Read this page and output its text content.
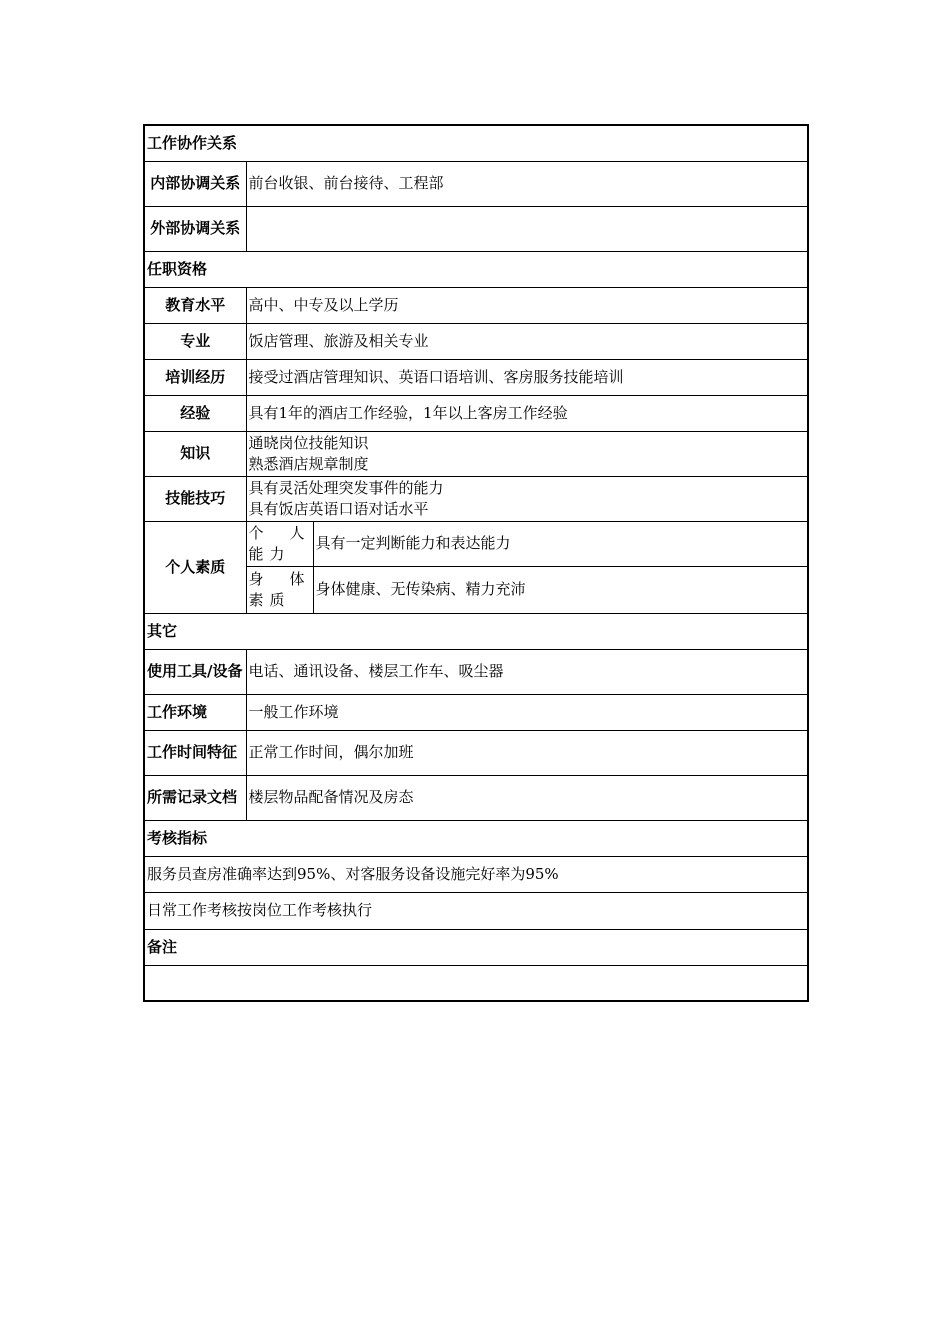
工作协作关系		
内部协调关系	前台收银、前台接待、工程部	
外部协调关系		
任职资格		
教育水平	高中、中专及以上学历	
专业	饭店管理、旅游及相关专业	
培训经历	接受过酒店管理知识、英语口语培训、客房服务技能培训	
经验	具有1年的酒店工作经验，1年以上客房工作经验	
知识	通晓岗位技能知识
熟悉酒店规章制度	

技能技巧	具有灵活处理突发事件的能力
具有饭店英语口语对话水平	

个人素质	个人能力	具有一定判断能力和表达能力
	身体素质	身体健康、无传染病、精力充沛
其它		
使用工具/设备	电话、通讯设备、楼层工作车、吸尘器	
工作环境	一般工作环境	
工作时间特征	正常工作时间，偶尔加班	
所需记录文档	楼层物品配备情况及房态	
考核指标		
服务员查房准确率达到95%、对客服务设备设施完好率为95%		
日常工作考核按岗位工作考核执行		
备注		
